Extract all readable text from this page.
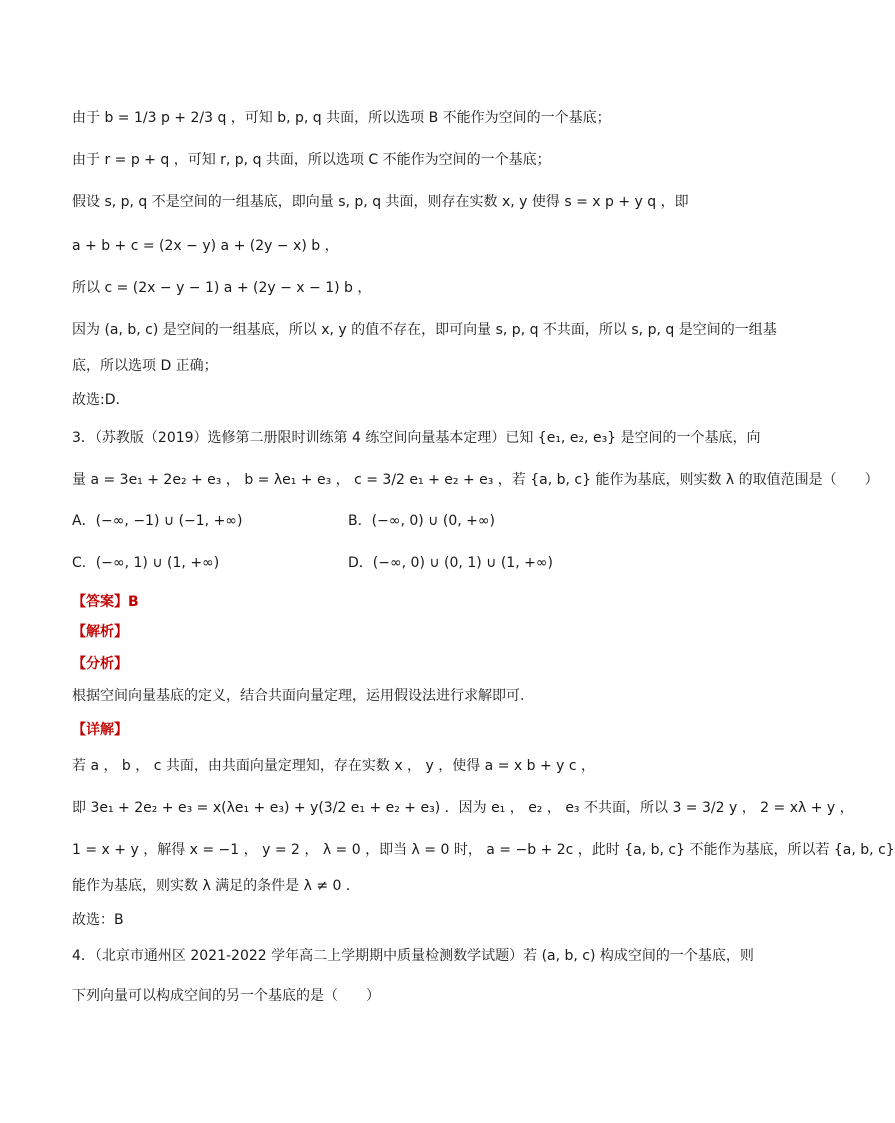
由于 b = 1/3 p + 2/3 q ，可知 b, p, q 共面，所以选项 B 不能作为空间的一个基底；
由于 r = p + q ，可知 r, p, q 共面，所以选项 C 不能作为空间的一个基底；
假设 s, p, q 不是空间的一组基底，即向量 s, p, q 共面，则存在实数 x, y 使得 s = x p + y q ，即
a + b + c = (2x − y) a + (2y − x) b ，
所以 c = (2x − y − 1) a + (2y − x − 1) b ，
因为 (a, b, c) 是空间的一组基底，所以 x, y 的值不存在，即可向量 s, p, q 不共面，所以 s, p, q 是空间的一组基
底，所以选项 D 正确；
故选:D.
3．（苏教版（2019）选修第二册限时训练第 4 练空间向量基本定理）已知 {e₁, e₂, e₃} 是空间的一个基底，向
量 a = 3e₁ + 2e₂ + e₃ ， b = λe₁ + e₃ ， c = 3/2 e₁ + e₂ + e₃ ，若 {a, b, c} 能作为基底，则实数 λ 的取值范围是（　　）
A．(−∞, −1) ∪ (−1, +∞)	B．(−∞, 0) ∪ (0, +∞)
C．(−∞, 1) ∪ (1, +∞)	D．(−∞, 0) ∪ (0, 1) ∪ (1, +∞)
【答案】B
【解析】
【分析】
根据空间向量基底的定义，结合共面向量定理，运用假设法进行求解即可.
【详解】
若 a ， b ， c 共面，由共面向量定理知，存在实数 x ， y ，使得 a = x b + y c ，
即 3e₁ + 2e₂ + e₃ = x(λe₁ + e₃) + y(3/2 e₁ + e₂ + e₃) ．因为 e₁ ， e₂ ， e₃ 不共面，所以 3 = 3/2 y ， 2 = xλ + y ，
1 = x + y ，解得 x = −1 ， y = 2 ， λ = 0 ，即当 λ = 0 时， a = −b + 2c ，此时 {a, b, c} 不能作为基底，所以若 {a, b, c}
能作为基底，则实数 λ 满足的条件是 λ ≠ 0 ．
故选：B
4．（北京市通州区 2021-2022 学年高二上学期期中质量检测数学试题）若 (a, b, c) 构成空间的一个基底，则
下列向量可以构成空间的另一个基底的是（　　）
